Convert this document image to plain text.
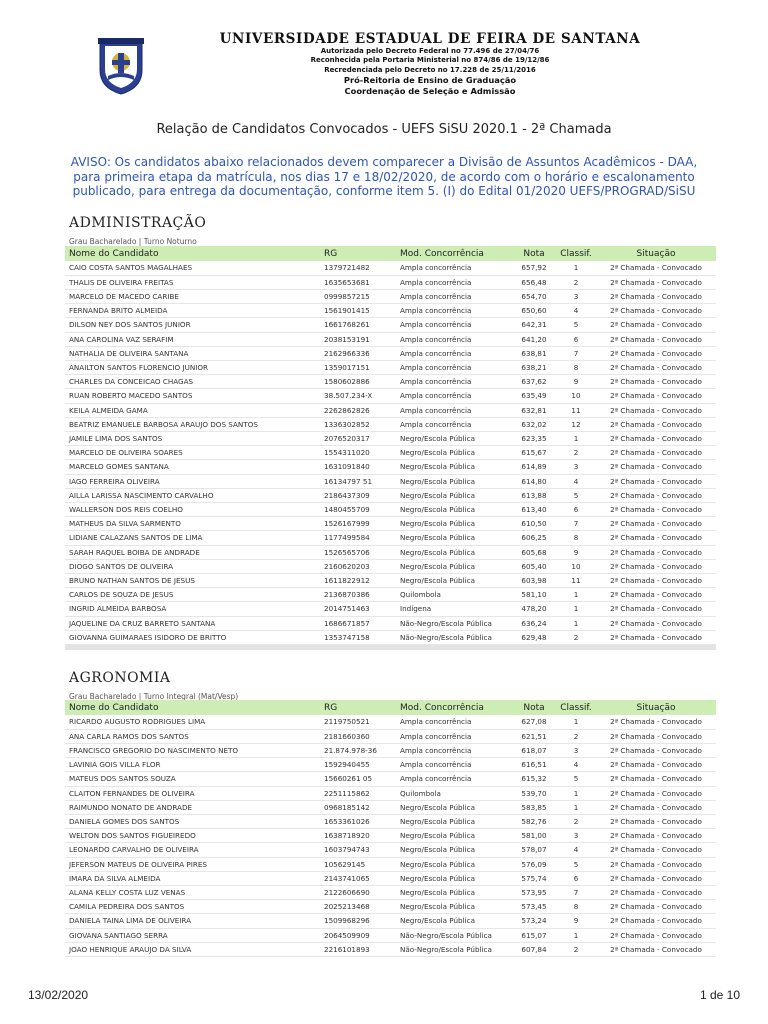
UNIVERSIDADE ESTADUAL DE FEIRA DE SANTANA
Autorizada pelo Decreto Federal no 77.496 de 27/04/76
Reconhecida pela Portaria Ministerial no 874/86 de 19/12/86
Recredenciada pelo Decreto no 17.228 de 25/11/2016
Pró-Reitoria de Ensino de Graduação
Coordenação de Seleção e Admissão
Relação de Candidatos Convocados - UEFS SiSU 2020.1 - 2ª Chamada
AVISO: Os candidatos abaixo relacionados devem comparecer a Divisão de Assuntos Acadêmicos - DAA, para primeira etapa da matrícula, nos dias 17 e 18/02/2020, de acordo com o horário e escalonamento publicado, para entrega da documentação, conforme item 5. (I) do Edital 01/2020 UEFS/PROGRAD/SiSU
ADMINISTRAÇÃO
Grau Bacharelado | Turno Noturno
Nome do Candidato	RG	Mod. Concorrência	Nota	Classif.	Situação
CAIO COSTA SANTOS MAGALHAES	1379721482	Ampla concorrência	657,92	1	2ª Chamada - Convocado
THALIS DE OLIVEIRA FREITAS	1635653681	Ampla concorrência	656,48	2	2ª Chamada - Convocado
MARCELO DE MACEDO CARIBE	0999857215	Ampla concorrência	654,70	3	2ª Chamada - Convocado
FERNANDA BRITO ALMEIDA	1561901415	Ampla concorrência	650,60	4	2ª Chamada - Convocado
DILSON NEY DOS SANTOS JUNIOR	1661768261	Ampla concorrência	642,31	5	2ª Chamada - Convocado
ANA CAROLINA VAZ SERAFIM	2038153191	Ampla concorrência	641,20	6	2ª Chamada - Convocado
NATHALIA DE OLIVEIRA SANTANA	2162966336	Ampla concorrência	638,81	7	2ª Chamada - Convocado
ANAILTON SANTOS FLORENCIO JUNIOR	1359017151	Ampla concorrência	638,21	8	2ª Chamada - Convocado
CHARLES DA CONCEICAO CHAGAS	1580602886	Ampla concorrência	637,62	9	2ª Chamada - Convocado
RUAN ROBERTO MACEDO SANTOS	38.507.234-X	Ampla concorrência	635,49	10	2ª Chamada - Convocado
KEILA ALMEIDA GAMA	2262862826	Ampla concorrência	632,81	11	2ª Chamada - Convocado
BEATRIZ EMANUELE BARBOSA ARAUJO DOS SANTOS	1336302852	Ampla concorrência	632,02	12	2ª Chamada - Convocado
JAMILE LIMA DOS SANTOS	2076520317	Negro/Escola Pública	623,35	1	2ª Chamada - Convocado
MARCELO DE OLIVEIRA SOARES	1554311020	Negro/Escola Pública	615,67	2	2ª Chamada - Convocado
MARCELO GOMES SANTANA	1631091840	Negro/Escola Pública	614,89	3	2ª Chamada - Convocado
IAGO FERREIRA OLIVEIRA	16134797 51	Negro/Escola Pública	614,80	4	2ª Chamada - Convocado
AILLA LARISSA NASCIMENTO CARVALHO	2186437309	Negro/Escola Pública	613,88	5	2ª Chamada - Convocado
WALLERSON DOS REIS COELHO	1480455709	Negro/Escola Pública	613,40	6	2ª Chamada - Convocado
MATHEUS DA SILVA SARMENTO	1526167999	Negro/Escola Pública	610,50	7	2ª Chamada - Convocado
LIDIANE CALAZANS SANTOS DE LIMA	1177499584	Negro/Escola Pública	606,25	8	2ª Chamada - Convocado
SARAH RAQUEL BOIBA DE ANDRADE	1526565706	Negro/Escola Pública	605,68	9	2ª Chamada - Convocado
DIOGO SANTOS DE OLIVEIRA	2160620203	Negro/Escola Pública	605,40	10	2ª Chamada - Convocado
BRUNO NATHAN SANTOS DE JESUS	1611822912	Negro/Escola Pública	603,98	11	2ª Chamada - Convocado
CARLOS DE SOUZA DE JESUS	2136870386	Quilombola	581,10	1	2ª Chamada - Convocado
INGRID ALMEIDA BARBOSA	2014751463	Indígena	478,20	1	2ª Chamada - Convocado
JAQUELINE DA CRUZ BARRETO SANTANA	1686671857	Não-Negro/Escola Pública	636,24	1	2ª Chamada - Convocado
GIOVANNA GUIMARAES ISIDORO DE BRITTO	1353747158	Não-Negro/Escola Pública	629,48	2	2ª Chamada - Convocado

AGRONOMIA
Grau Bacharelado | Turno Integral (Mat/Vesp)
Nome do Candidato	RG	Mod. Concorrência	Nota	Classif.	Situação
RICARDO AUGUSTO RODRIGUES LIMA	2119750521	Ampla concorrência	627,08	1	2ª Chamada - Convocado
ANA CARLA RAMOS DOS SANTOS	2181660360	Ampla concorrência	621,51	2	2ª Chamada - Convocado
FRANCISCO GREGORIO DO NASCIMENTO NETO	21.874.978-36	Ampla concorrência	618,07	3	2ª Chamada - Convocado
LAVINIA GOIS VILLA FLOR	1592940455	Ampla concorrência	616,51	4	2ª Chamada - Convocado
MATEUS DOS SANTOS SOUZA	15660261 05	Ampla concorrência	615,32	5	2ª Chamada - Convocado
CLAITON FERNANDES DE OLIVEIRA	2251115862	Quilombola	539,70	1	2ª Chamada - Convocado
RAIMUNDO NONATO DE ANDRADE	0968185142	Negro/Escola Pública	583,85	1	2ª Chamada - Convocado
DANIELA GOMES DOS SANTOS	1653361026	Negro/Escola Pública	582,76	2	2ª Chamada - Convocado
WELTON DOS SANTOS FIGUEIREDO	1638718920	Negro/Escola Pública	581,00	3	2ª Chamada - Convocado
LEONARDO CARVALHO DE OLIVEIRA	1603794743	Negro/Escola Pública	578,07	4	2ª Chamada - Convocado
JEFERSON MATEUS DE OLIVEIRA PIRES	105629145	Negro/Escola Pública	576,09	5	2ª Chamada - Convocado
IMARA DA SILVA ALMEIDA	2143741065	Negro/Escola Pública	575,74	6	2ª Chamada - Convocado
ALANA KELLY COSTA LUZ VENAS	2122606690	Negro/Escola Pública	573,95	7	2ª Chamada - Convocado
CAMILA PEDREIRA DOS SANTOS	2025213468	Negro/Escola Pública	573,45	8	2ª Chamada - Convocado
DANIELA TAINA LIMA DE OLIVEIRA	1509968296	Negro/Escola Pública	573,24	9	2ª Chamada - Convocado
GIOVANA SANTIAGO SERRA	2064509909	Não-Negro/Escola Pública	615,07	1	2ª Chamada - Convocado
JOAO HENRIQUE ARAUJO DA SILVA	2216101893	Não-Negro/Escola Pública	607,84	2	2ª Chamada - Convocado
13/02/2020	1 de 10
